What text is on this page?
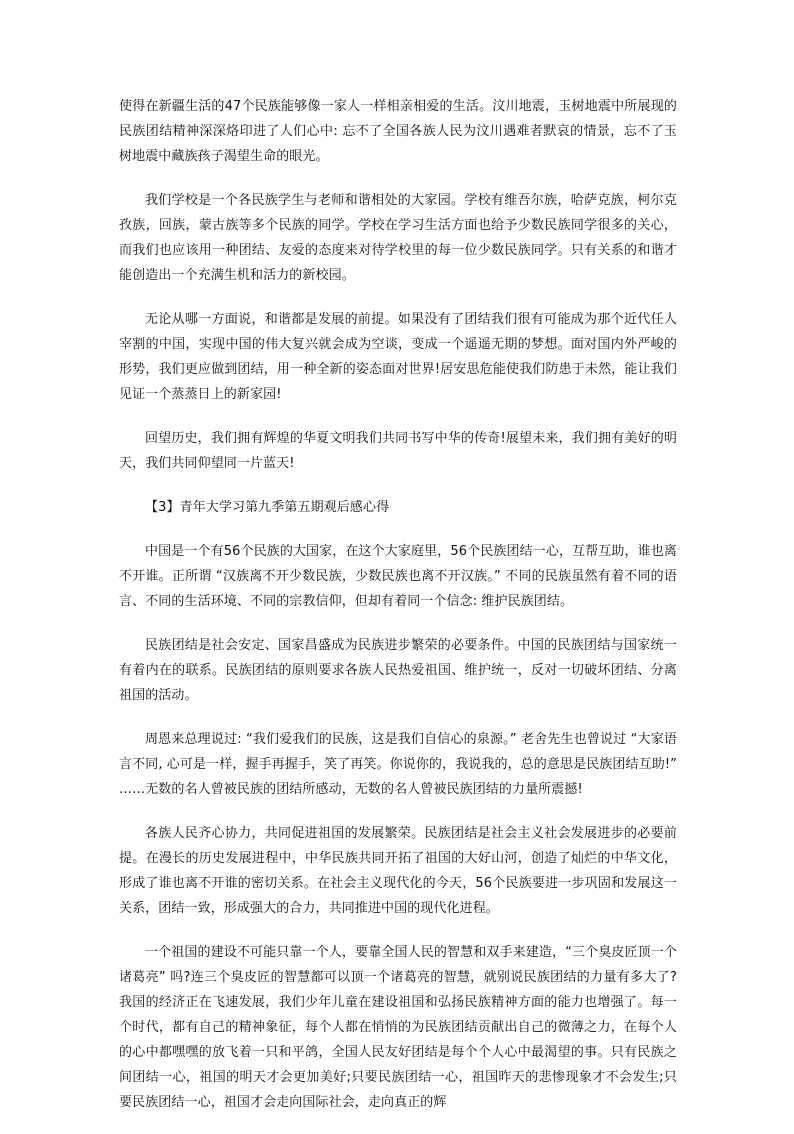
使得在新疆生活的47个民族能够像一家人一样相亲相爱的生活。汶川地震，玉树地震中所展现的民族团结精神深深烙印进了人们心中: 忘不了全国各族人民为汶川遇难者默哀的情景，忘不了玉树地震中藏族孩子渴望生命的眼光。

我们学校是一个各民族学生与老师和谐相处的大家园。学校有维吾尔族，哈萨克族，柯尔克孜族，回族，蒙古族等多个民族的同学。学校在学习生活方面也给予少数民族同学很多的关心，而我们也应该用一种团结、友爱的态度来对待学校里的每一位少数民族同学。只有关系的和谐才能创造出一个充满生机和活力的新校园。

无论从哪一方面说，和谐都是发展的前提。如果没有了团结我们很有可能成为那个近代任人宰割的中国，实现中国的伟大复兴就会成为空谈，变成一个遥遥无期的梦想。面对国内外严峻的形势，我们更应做到团结，用一种全新的姿态面对世界!居安思危能使我们防患于未然，能让我们见证一个蒸蒸日上的新家园!

回望历史，我们拥有辉煌的华夏文明我们共同书写中华的传奇!展望未来，我们拥有美好的明天，我们共同仰望同一片蓝天!

【3】青年大学习第九季第五期观后感心得

中国是一个有56个民族的大国家，在这个大家庭里，56个民族团结一心，互帮互助，谁也离不开谁。正所谓 “汉族离不开少数民族，少数民族也离不开汉族。” 不同的民族虽然有着不同的语言、不同的生活环境、不同的宗教信仰，但却有着同一个信念: 维护民族团结。

民族团结是社会安定、国家昌盛成为民族进步繁荣的必要条件。中国的民族团结与国家统一有着内在的联系。民族团结的原则要求各族人民热爱祖国、维护统一，反对一切破坏团结、分离祖国的活动。

周恩来总理说过: “我们爱我们的民族，这是我们自信心的泉源。” 老舍先生也曾说过 “大家语言不同, 心可是一样，握手再握手，笑了再笑。你说你的，我说我的，总的意思是民族团结互助!” ……无数的名人曾被民族的团结所感动，无数的名人曾被民族团结的力量所震撼!

各族人民齐心协力，共同促进祖国的发展繁荣。民族团结是社会主义社会发展进步的必要前提。在漫长的历史发展进程中，中华民族共同开拓了祖国的大好山河，创造了灿烂的中华文化，形成了谁也离不开谁的密切关系。在社会主义现代化的今天，56个民族要进一步巩固和发展这一关系，团结一致，形成强大的合力，共同推进中国的现代化进程。

一个祖国的建设不可能只靠一个人，要靠全国人民的智慧和双手来建造，“三个臭皮匠顶一个诸葛亮” 吗?连三个臭皮匠的智慧都可以顶一个诸葛亮的智慧，就别说民族团结的力量有多大了?我国的经济正在飞速发展，我们少年儿童在建设祖国和弘扬民族精神方面的能力也增强了。每一个时代，都有自己的精神象征，每个人都在悄悄的为民族团结贡献出自己的微薄之力，在每个人的心中都嘿嘿的放飞着一只和平鸽，全国人民友好团结是每个个人心中最渴望的事。只有民族之间团结一心，祖国的明天才会更加美好;只要民族团结一心，祖国昨天的悲惨现象才不会发生;只要民族团结一心，祖国才会走向国际社会，走向真正的辉
